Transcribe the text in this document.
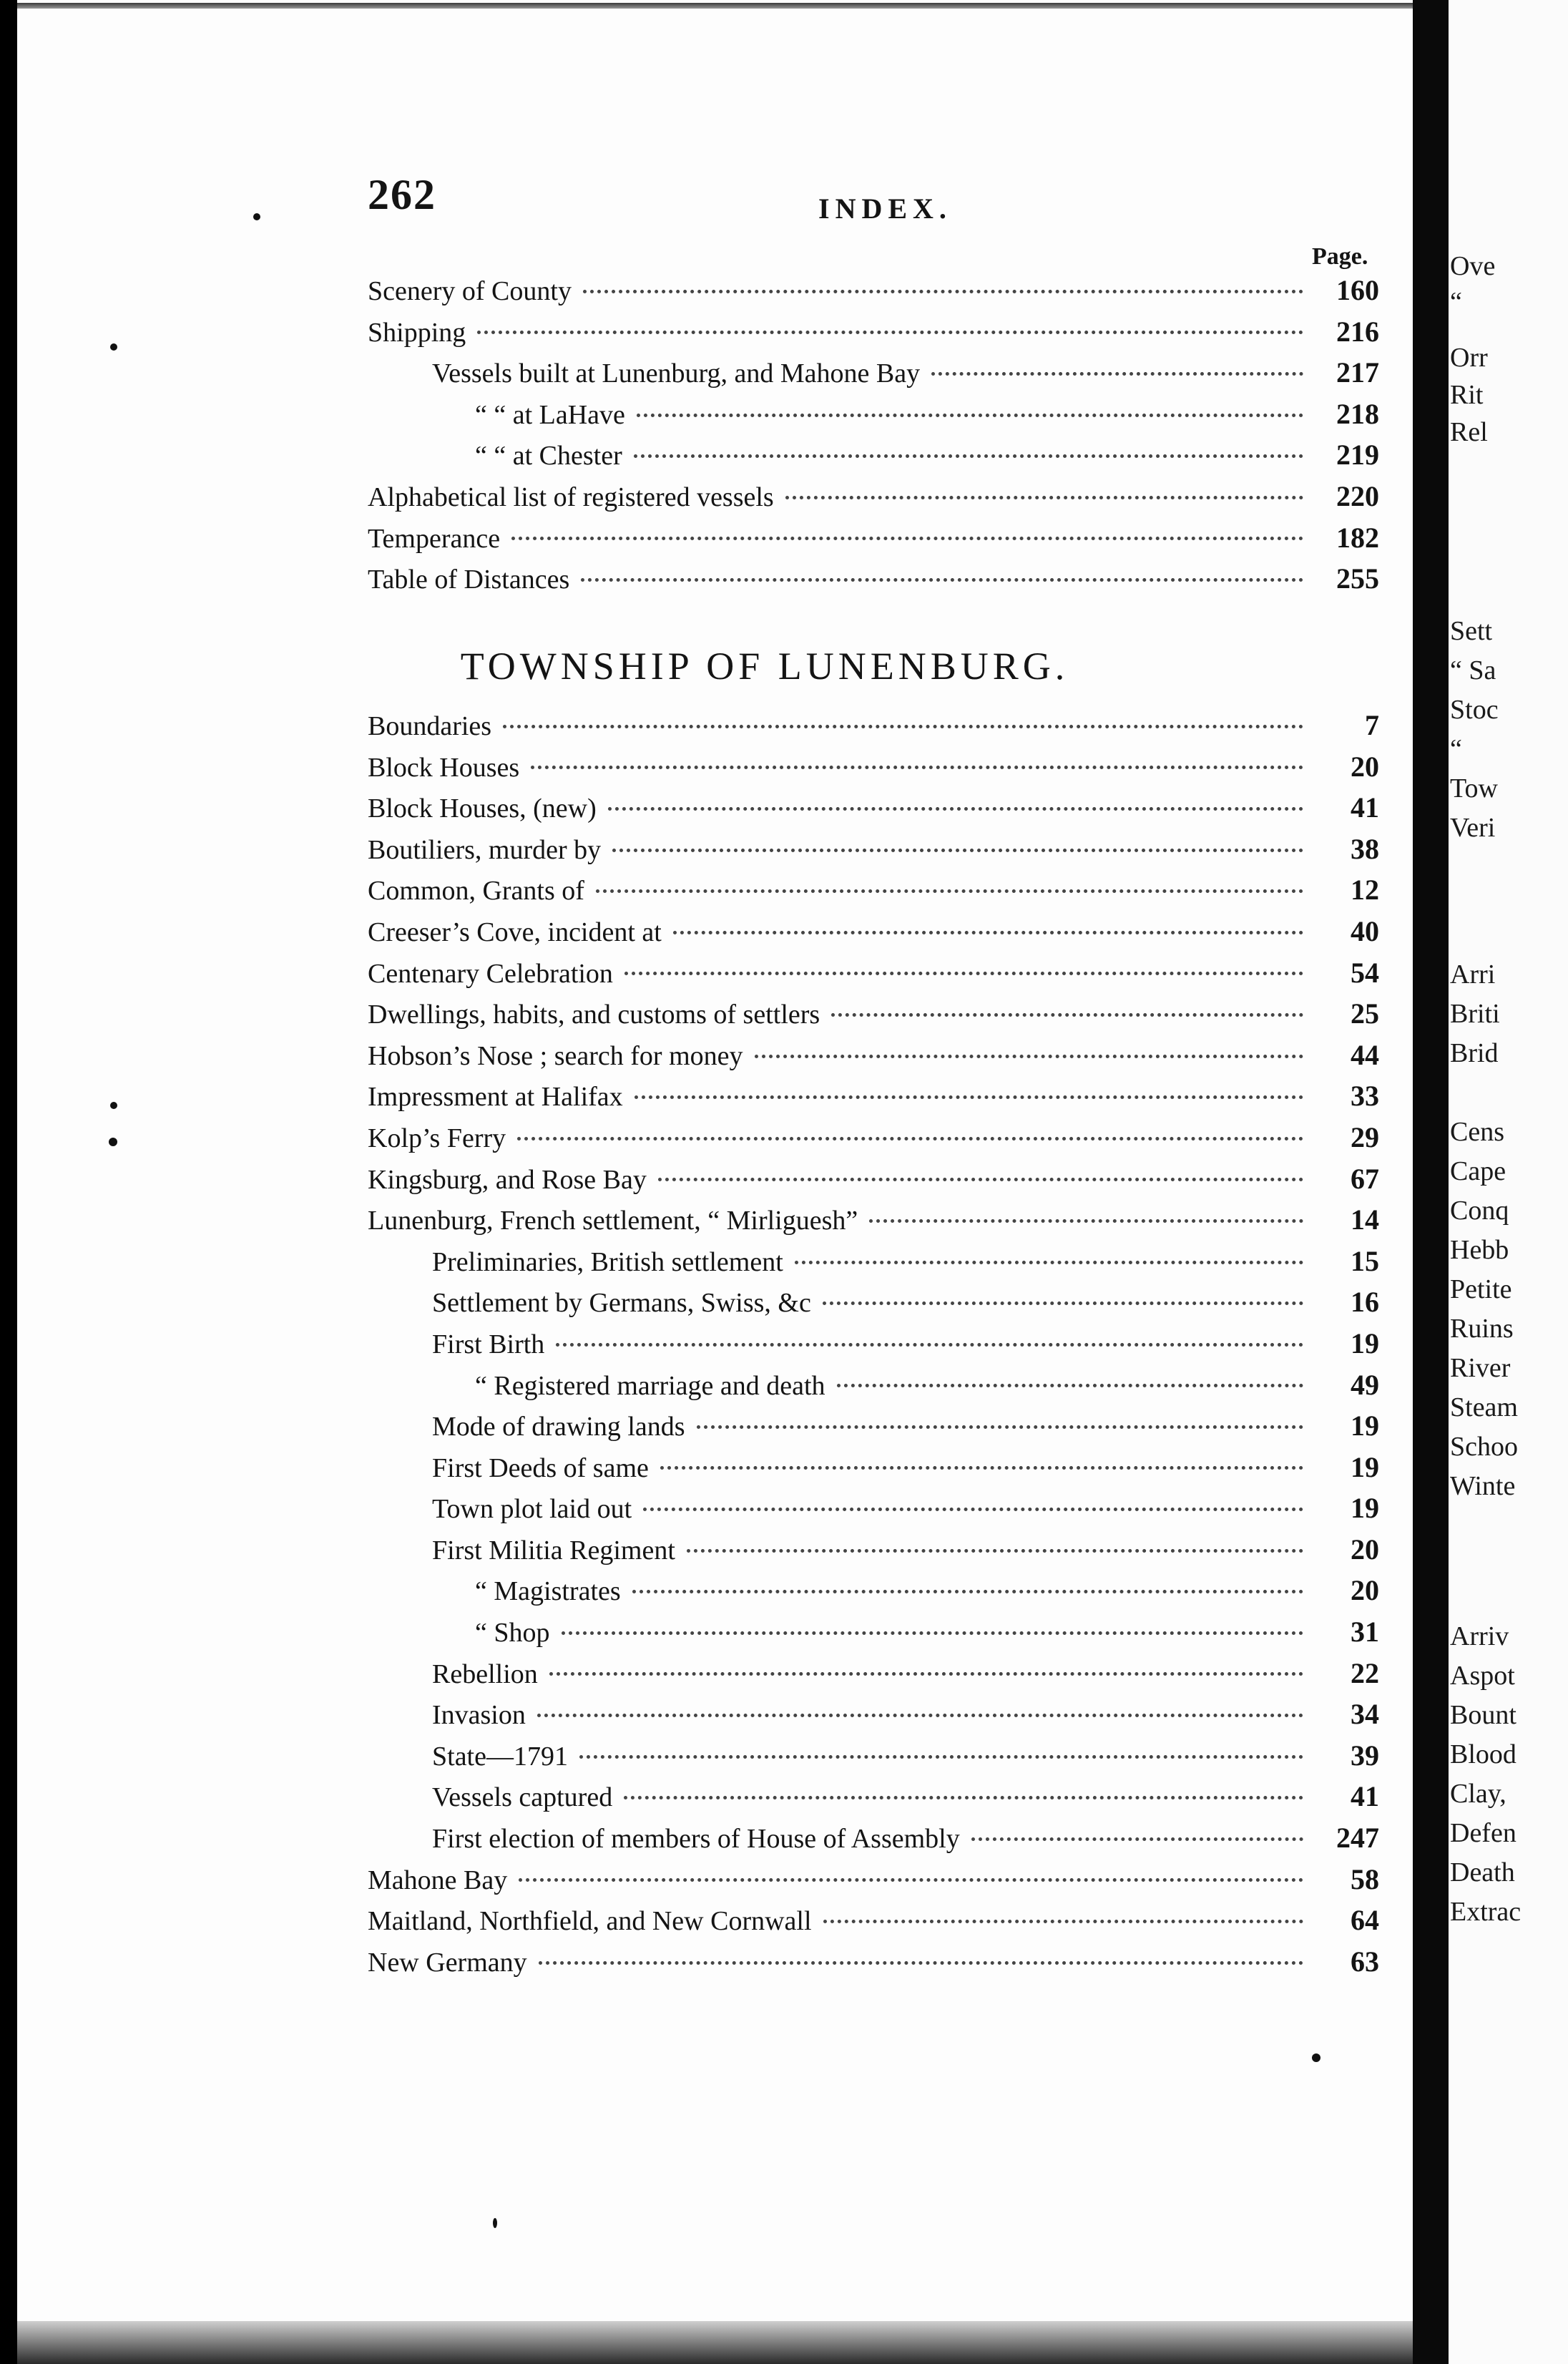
262	INDEX.
Page.
Scenery of County	160
Shipping	216
Vessels built at Lunenburg, and Mahone Bay	217
“ “ at LaHave	218
“ “ at Chester	219
Alphabetical list of registered vessels	220
Temperance	182
Table of Distances	255
TOWNSHIP OF LUNENBURG.
Boundaries	7
Block Houses	20
Block Houses, (new)	41
Boutiliers, murder by	38
Common, Grants of	12
Creeser’s Cove, incident at	40
Centenary Celebration	54
Dwellings, habits, and customs of settlers	25
Hobson’s Nose ; search for money	44
Impressment at Halifax	33
Kolp’s Ferry	29
Kingsburg, and Rose Bay	67
Lunenburg, French settlement, “ Mirliguesh”	14
Preliminaries, British settlement	15
Settlement by Germans, Swiss, &c	16
First Birth	19
“ Registered marriage and death	49
Mode of drawing lands	19
First Deeds of same	19
Town plot laid out	19
First Militia Regiment	20
“ Magistrates	20
“ Shop	31
Rebellion	22
Invasion	34
State—1791	39
Vessels captured	41
First election of members of House of Assembly	247
Mahone Bay	58
Maitland, Northfield, and New Cornwall	64
New Germany	63
Ove
“
Orr
Rit
Rel
Sett
“ Sa
Stoc
“
Tow
Veri
Arri
Briti
Brid
Cens
Cape
Conq
Hebb
Petite
Ruins
River
Steam
Schoo
Winte
Arriv
Aspot
Bount
Blood
Clay,
Defen
Death
Extrac
